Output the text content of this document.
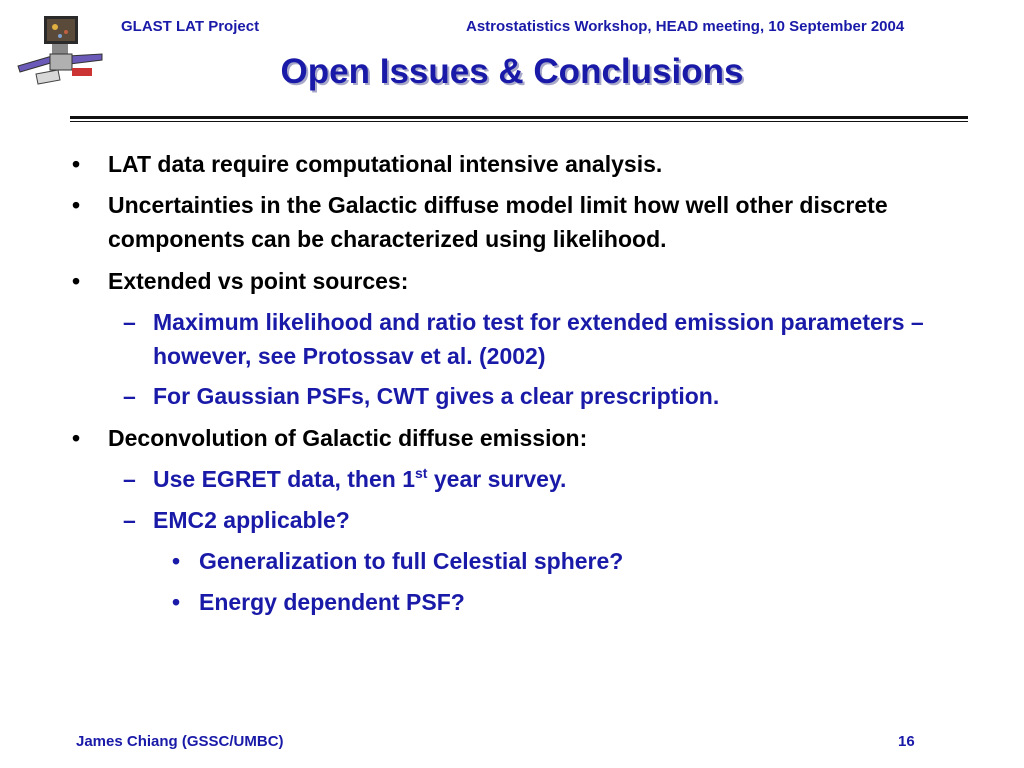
GLAST LAT Project	Astrostatistics Workshop, HEAD meeting, 10 September 2004
Open Issues & Conclusions
• LAT data require computational intensive analysis.
• Uncertainties in the Galactic diffuse model limit how well other discrete components can be characterized using likelihood.
• Extended vs point sources:
– Maximum likelihood and ratio test for extended emission parameters – however, see Protossav et al. (2002)
– For Gaussian PSFs, CWT gives a clear prescription.
• Deconvolution of Galactic diffuse emission:
– Use EGRET data, then 1st year survey.
– EMC2 applicable?
• Generalization to full Celestial sphere?
• Energy dependent PSF?
James Chiang (GSSC/UMBC)	16
